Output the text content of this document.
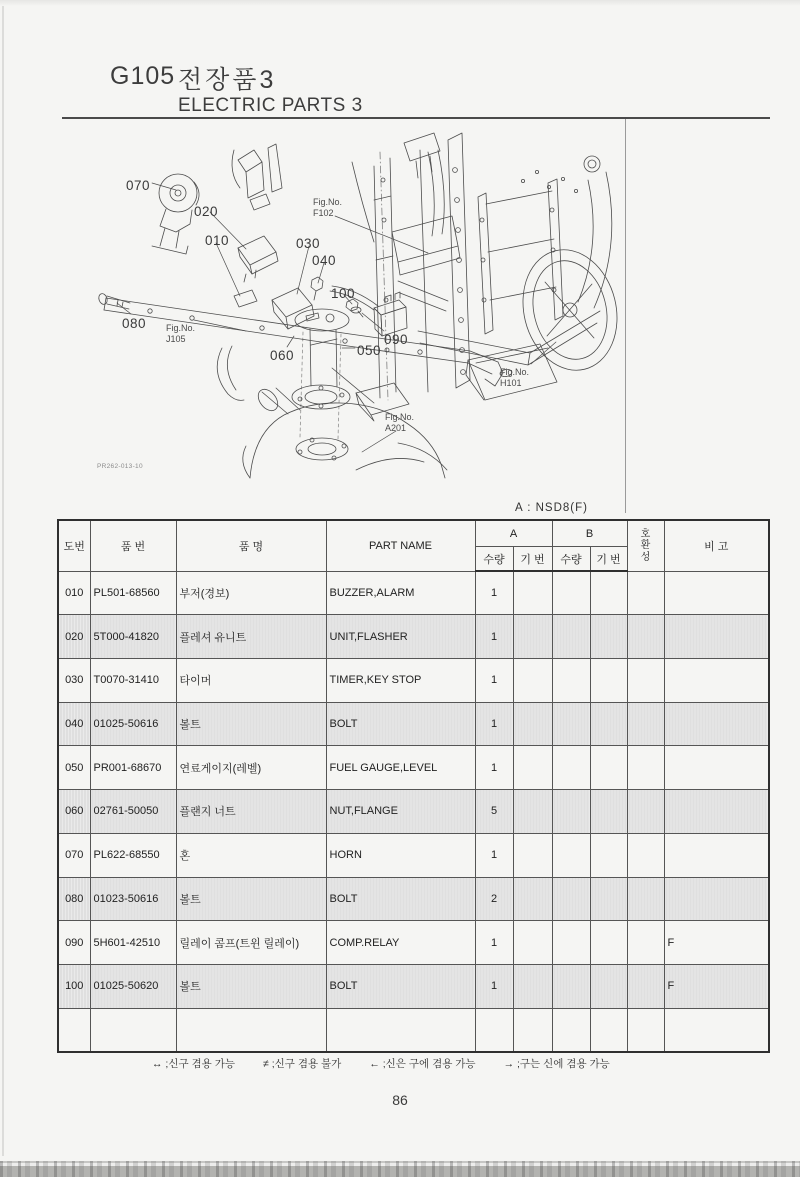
G105 전장품3
ELECTRIC PARTS 3
070
020
010	030
040
100
080
060	050
090
Fig.No.
F102
Fig.No.
J105
Fig.No.
H101
Fig.No.
A201
PR262-013-10
A : NSD8(F)
도번	품 번	품 명	PART NAME	A		B		호환성	비 고
				수량	기 번	수량	기 번		
010	PL501-68560	부저(경보)	BUZZER,ALARM	1					
020	5T000-41820	플레셔 유니트	UNIT,FLASHER	1					
030	T0070-31410	타이머	TIMER,KEY STOP	1					
040	01025-50616	볼트	BOLT	1					
050	PR001-68670	연료게이지(레벨)	FUEL GAUGE,LEVEL	1					
060	02761-50050	플랜지 너트	NUT,FLANGE	5					
070	PL622-68550	혼	HORN	1					
080	01023-50616	볼트	BOLT	2					
090	5H601-42510	릴레이 콤프(트윈 릴레이)	COMP.RELAY	1					F
100	01025-50620	볼트	BOLT	1					F

↔ ;신구 겸용 가능	≠ ;신구 겸용 불가	← ;신은 구에 겸용 가능	→ ;구는 신에 겸용 가능
86
